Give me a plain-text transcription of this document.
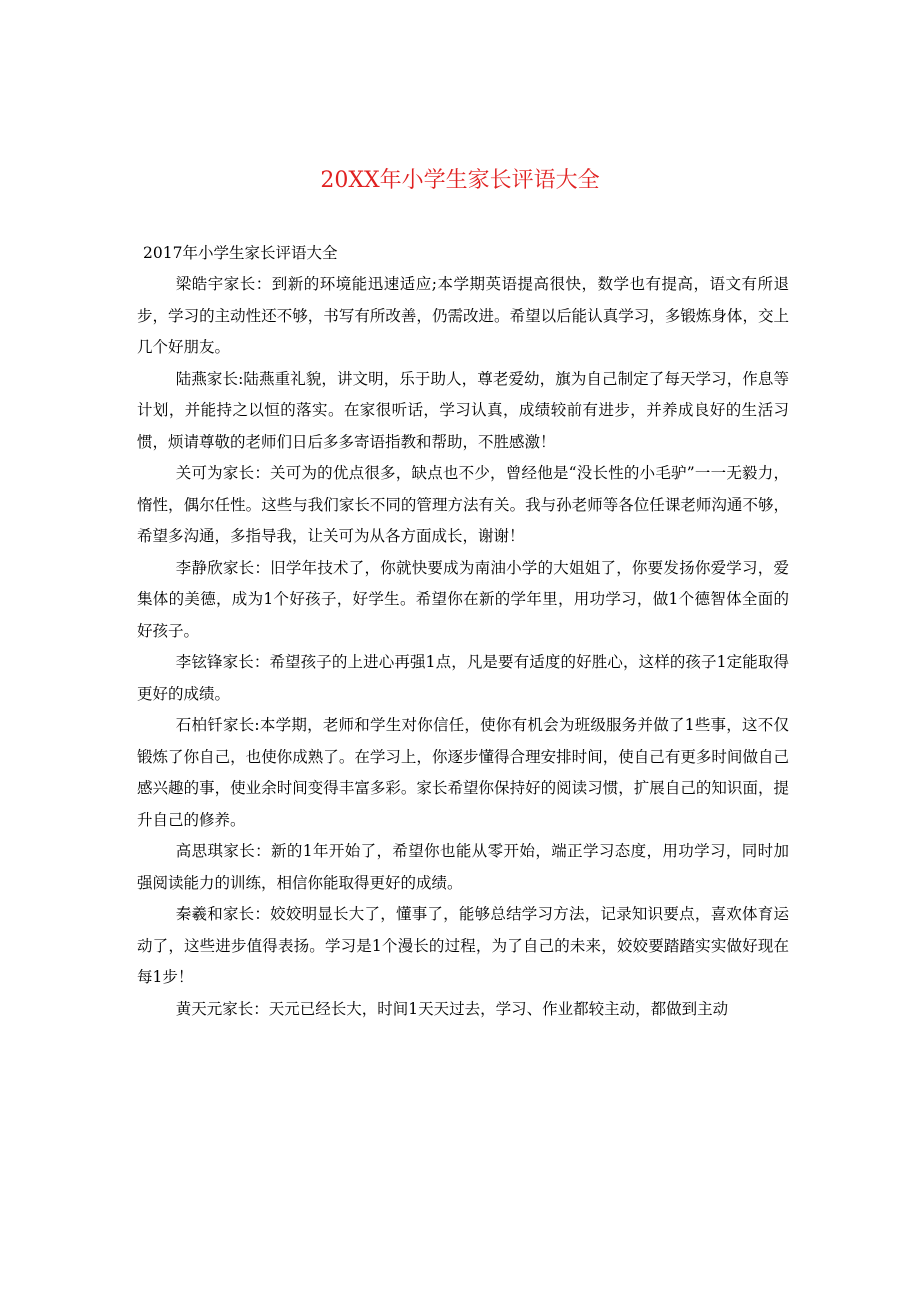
20XX年小学生家长评语大全

2017年小学生家长评语大全

梁皓宇家长：到新的环境能迅速适应;本学期英语提高很快，数学也有提高，语文有所退步，学习的主动性还不够，书写有所改善，仍需改进。希望以后能认真学习，多锻炼身体，交上几个好朋友。

陆燕家长:陆燕重礼貌，讲文明，乐于助人，尊老爱幼，旗为自己制定了每天学习，作息等计划，并能持之以恒的落实。在家很听话，学习认真，成绩较前有进步，并养成良好的生活习惯，烦请尊敬的老师们日后多多寄语指教和帮助，不胜感激！

关可为家长：关可为的优点很多，缺点也不少，曾经他是“没长性的小毛驴”一一无毅力，惰性，偶尔任性。这些与我们家长不同的管理方法有关。我与孙老师等各位任课老师沟通不够，希望多沟通，多指导我，让关可为从各方面成长，谢谢！

李静欣家长：旧学年技术了，你就快要成为南油小学的大姐姐了，你要发扬你爱学习，爱集体的美德，成为1个好孩子，好学生。希望你在新的学年里，用功学习，做1个德智体全面的好孩子。

李铉锋家长：希望孩子的上进心再强1点，凡是要有适度的好胜心，这样的孩子1定能取得更好的成绩。

石柏钎家长:本学期，老师和学生对你信任，使你有机会为班级服务并做了1些事，这不仅锻炼了你自己，也使你成熟了。在学习上，你逐步懂得合理安排时间，使自己有更多时间做自己感兴趣的事，使业余时间变得丰富多彩。家长希望你保持好的阅读习惯，扩展自己的知识面，提升自己的修养。

高思琪家长：新的1年开始了，希望你也能从零开始，端正学习态度，用功学习，同时加强阅读能力的训练，相信你能取得更好的成绩。

秦羲和家长：姣姣明显长大了，懂事了，能够总结学习方法，记录知识要点，喜欢体育运动了，这些进步值得表扬。学习是1个漫长的过程，为了自己的未来，姣姣要踏踏实实做好现在每1步！

黄天元家长：天元已经长大，时间1天天过去，学习、作业都较主动，都做到主动
